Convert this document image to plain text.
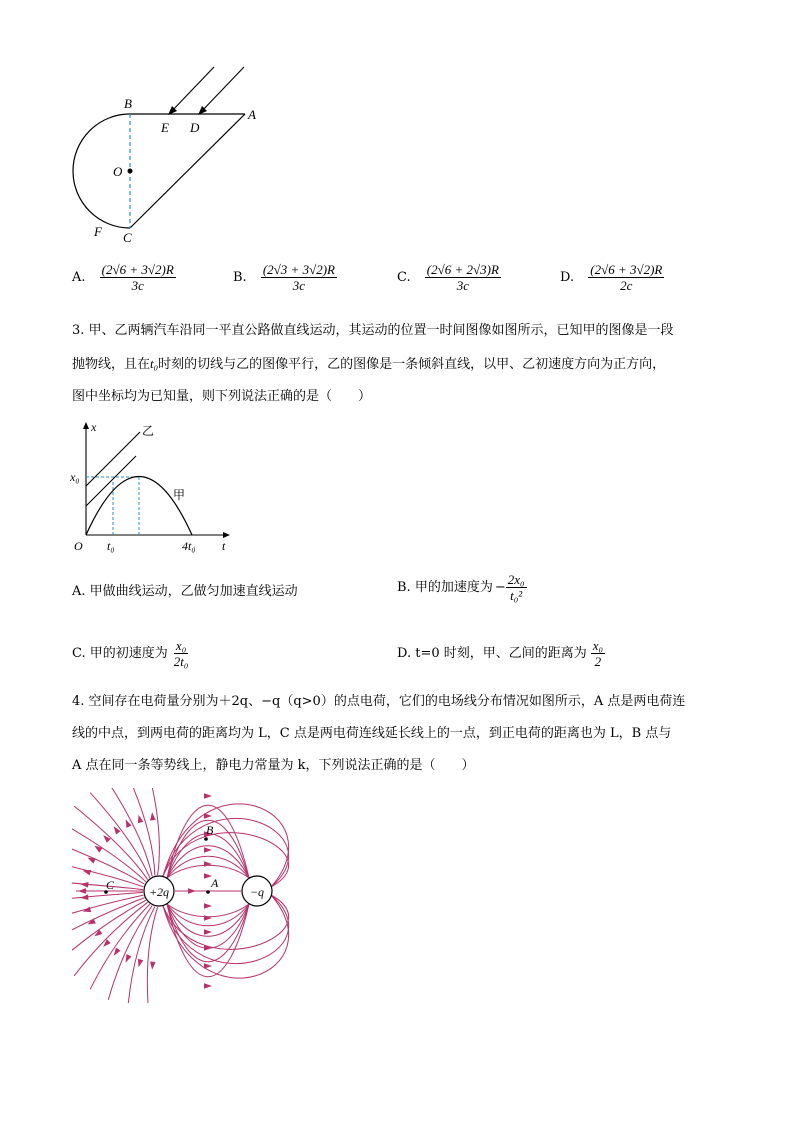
B
E D
A
O
F C
A. $\frac{(2√6 + 3√2)R}{3c}$	B. $\frac{(2√3 + 3√2)R}{3c}$	C. $\frac{(2√6 + 2√3)R}{3c}$	D. $\frac{(2√6 + 3√2)R}{2c}$
3. 甲、乙两辆汽车沿同一平直公路做直线运动，其运动的位置一时间图像如图所示，已知甲的图像是一段
抛物线，且在t₀时刻的切线与乙的图像平行，乙的图像是一条倾斜直线，以甲、乙初速度方向为正方向，
图中坐标均为已知量，则下列说法正确的是（　　）
x
t
O
x₀
t₀	4t₀
乙
甲
A. 甲做曲线运动，乙做匀加速直线运动	B. 甲的加速度为 − $\frac{\text{2x₀}}{\text{t₀²}}$
C. 甲的初速度为 $\frac{\text{x₀}}{\text{2t₀}}$	D. t=0 时刻，甲、乙间的距离为 $\frac{\text{x₀}}{2}$
4. 空间存在电荷量分别为＋2q、−q（q>0）的点电荷，它们的电场线分布情况如图所示，A 点是两电荷连
线的中点，到两电荷的距离均为 L，C 点是两电荷连线延长线上的一点，到正电荷的距离也为 L，B 点与
A 点在同一条等势线上，静电力常量为 k，下列说法正确的是（　　）
+2q	−q
A
B
C
